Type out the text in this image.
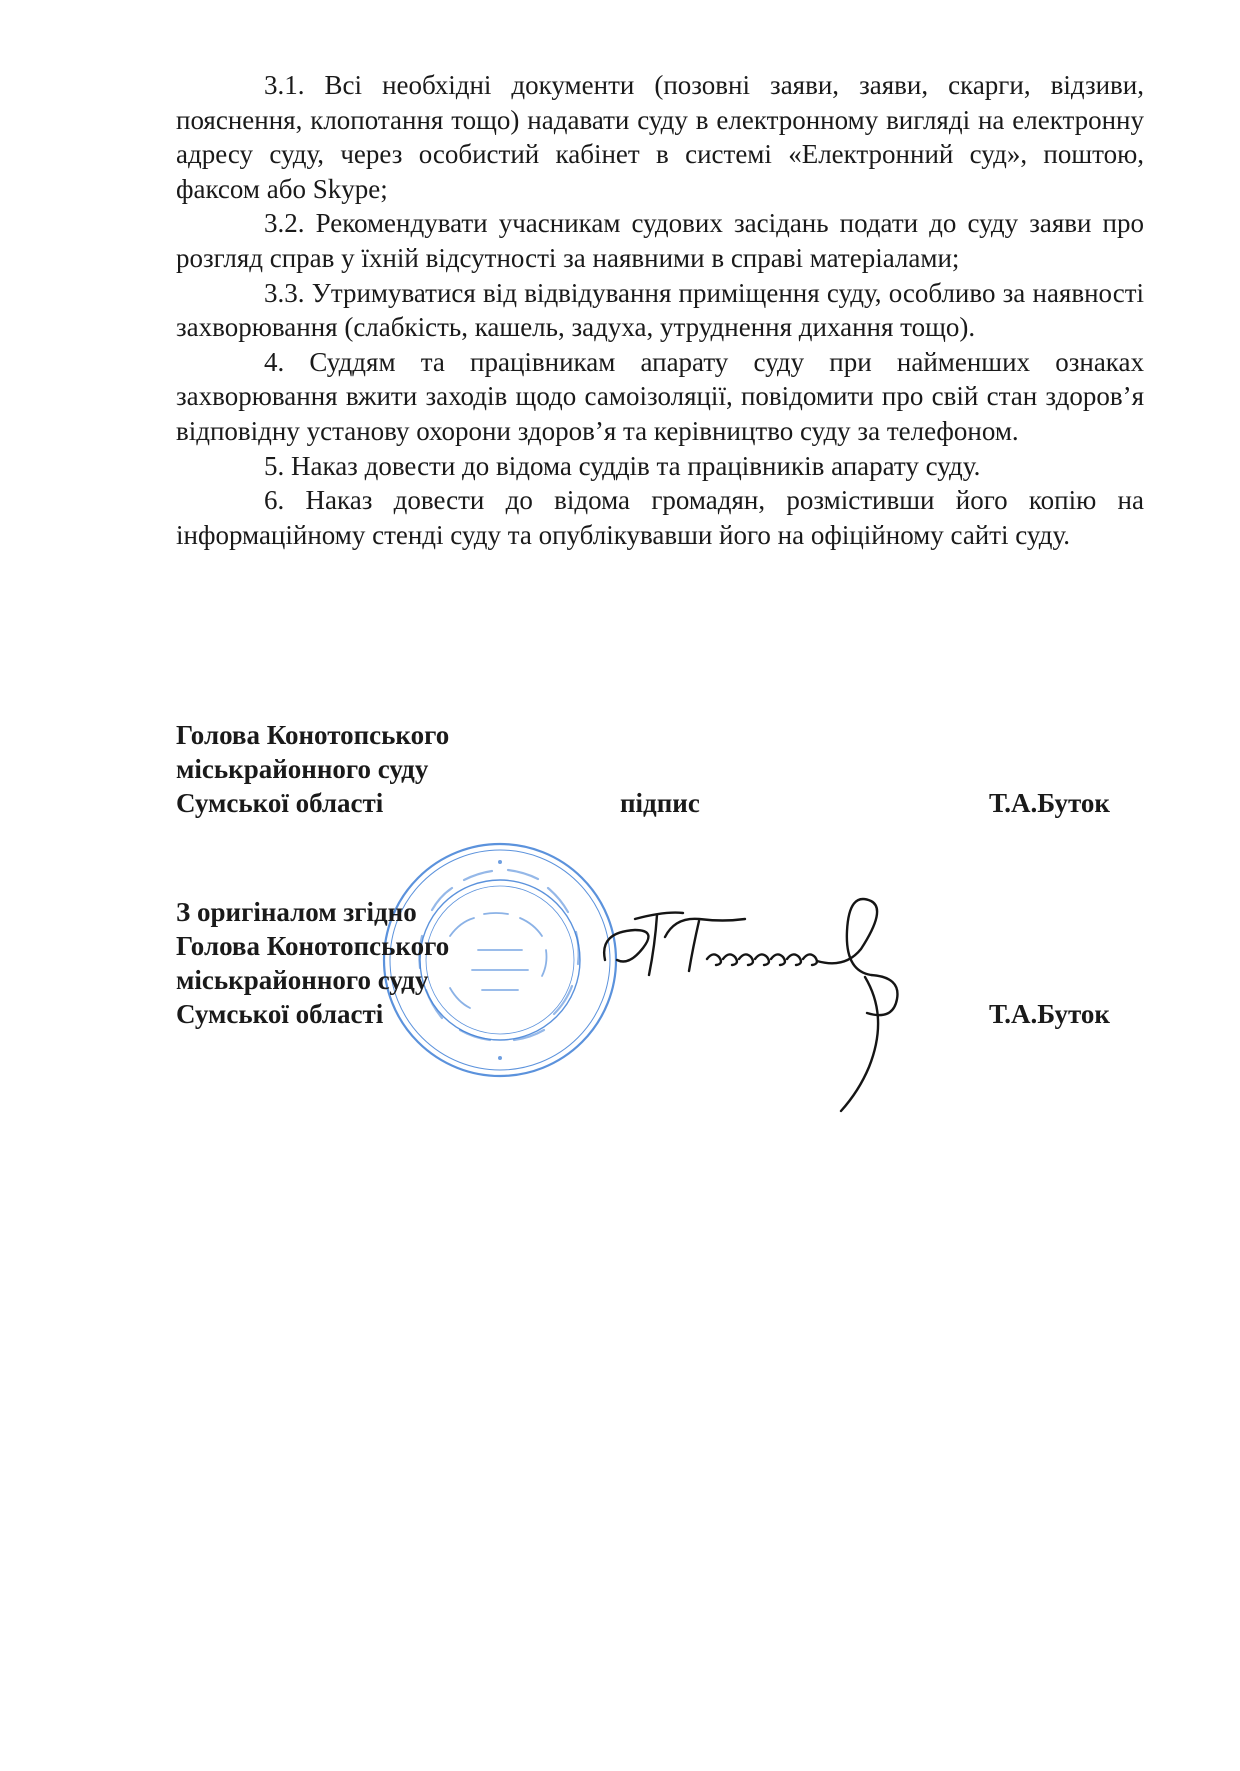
3.1. Всі необхідні документи (позовні заяви, заяви, скарги, відзиви, пояснення, клопотання тощо) надавати суду в електронному вигляді на електронну адресу суду, через особистий кабінет в системі «Електронний суд», поштою, факсом або Skype;

3.2. Рекомендувати учасникам судових засідань подати до суду заяви про розгляд справ у їхній відсутності за наявними в справі матеріалами;

3.3. Утримуватися від відвідування приміщення суду, особливо за наявності захворювання (слабкість, кашель, задуха, утруднення дихання тощо).

4. Суддям та працівникам апарату суду при найменших ознаках захворювання вжити заходів щодо самоізоляції, повідомити про свій стан здоров’я відповідну установу охорони здоров’я та керівництво суду за телефоном.

5. Наказ довести до відома суддів та працівників апарату суду.

6. Наказ довести до відома громадян, розмістивши його копію на інформаційному стенді суду та опублікувавши його на офіційному сайті суду.

Голова Конотопського
міськрайонного суду
Сумської області	підпис	Т.А.Буток
З оригіналом згідно
Голова Конотопського
міськрайонного суду
Сумської області	Т.А.Буток
